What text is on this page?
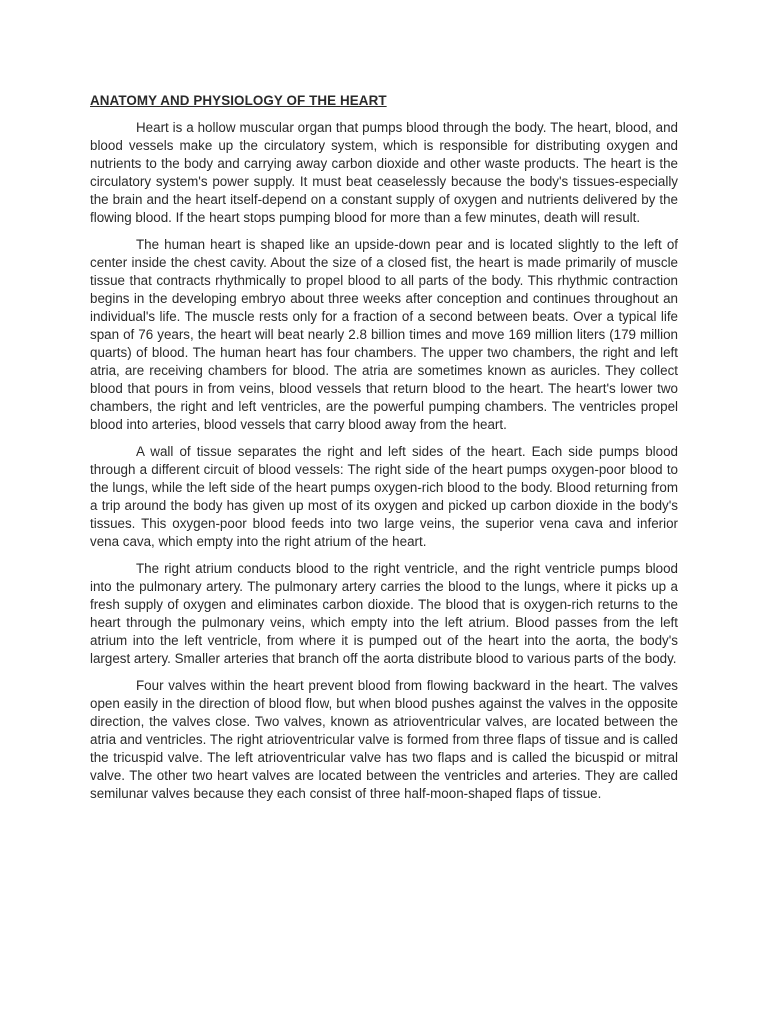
ANATOMY AND PHYSIOLOGY OF THE HEART

Heart is a hollow muscular organ that pumps blood through the body. The heart, blood, and blood vessels make up the circulatory system, which is responsible for distributing oxygen and nutrients to the body and carrying away carbon dioxide and other waste products. The heart is the circulatory system's power supply. It must beat ceaselessly because the body's tissues-especially the brain and the heart itself-depend on a constant supply of oxygen and nutrients delivered by the flowing blood. If the heart stops pumping blood for more than a few minutes, death will result.

The human heart is shaped like an upside-down pear and is located slightly to the left of center inside the chest cavity. About the size of a closed fist, the heart is made primarily of muscle tissue that contracts rhythmically to propel blood to all parts of the body. This rhythmic contraction begins in the developing embryo about three weeks after conception and continues throughout an individual's life. The muscle rests only for a fraction of a second between beats. Over a typical life span of 76 years, the heart will beat nearly 2.8 billion times and move 169 million liters (179 million quarts) of blood. The human heart has four chambers. The upper two chambers, the right and left atria, are receiving chambers for blood. The atria are sometimes known as auricles. They collect blood that pours in from veins, blood vessels that return blood to the heart. The heart's lower two chambers, the right and left ventricles, are the powerful pumping chambers. The ventricles propel blood into arteries, blood vessels that carry blood away from the heart.

A wall of tissue separates the right and left sides of the heart. Each side pumps blood through a different circuit of blood vessels: The right side of the heart pumps oxygen-poor blood to the lungs, while the left side of the heart pumps oxygen-rich blood to the body. Blood returning from a trip around the body has given up most of its oxygen and picked up carbon dioxide in the body's tissues. This oxygen-poor blood feeds into two large veins, the superior vena cava and inferior vena cava, which empty into the right atrium of the heart.

The right atrium conducts blood to the right ventricle, and the right ventricle pumps blood into the pulmonary artery. The pulmonary artery carries the blood to the lungs, where it picks up a fresh supply of oxygen and eliminates carbon dioxide. The blood that is oxygen-rich returns to the heart through the pulmonary veins, which empty into the left atrium. Blood passes from the left atrium into the left ventricle, from where it is pumped out of the heart into the aorta, the body's largest artery. Smaller arteries that branch off the aorta distribute blood to various parts of the body.

Four valves within the heart prevent blood from flowing backward in the heart. The valves open easily in the direction of blood flow, but when blood pushes against the valves in the opposite direction, the valves close. Two valves, known as atrioventricular valves, are located between the atria and ventricles. The right atrioventricular valve is formed from three flaps of tissue and is called the tricuspid valve. The left atrioventricular valve has two flaps and is called the bicuspid or mitral valve. The other two heart valves are located between the ventricles and arteries. They are called semilunar valves because they each consist of three half-moon-shaped flaps of tissue.
